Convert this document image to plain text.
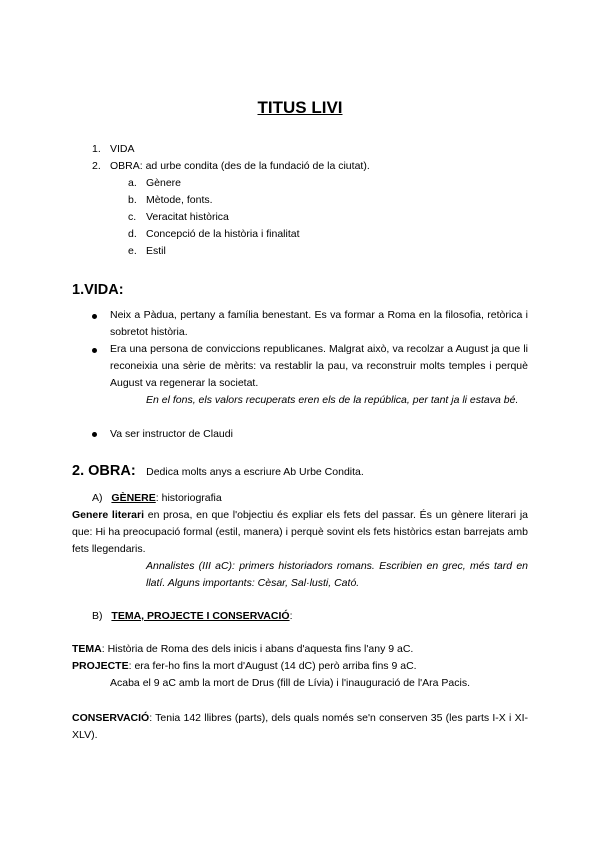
TITUS LIVI
1. VIDA
2. OBRA: ad urbe condita (des de la fundació de la ciutat).
a. Gènere
b. Mètode, fonts.
c. Veracitat històrica
d. Concepció de la història i finalitat
e. Estil
1.VIDA:
Neix a Pàdua, pertany a família benestant. Es va formar a Roma en la filosofia, retòrica i sobretot història.
Era una persona de conviccions republicanes. Malgrat això, va recolzar a August ja que li reconeixia una sèrie de mèrits: va restablir la pau, va reconstruir molts temples i perquè August va regenerar la societat.
En el fons, els valors recuperats eren els de la república, per tant ja li estava bé.
Va ser instructor de Claudi
2. OBRA: Dedica molts anys a escriure Ab Urbe Condita.
A) GÈNERE: historiografia
Genere literari en prosa, en que l'objectiu és expliar els fets del passar. És un gènere literari ja que: Hi ha preocupació formal (estil, manera) i perquè sovint els fets històrics estan barrejats amb fets llegendaris.
Annalistes (III aC): primers historiadors romans. Escribien en grec, més tard en llatí. Alguns importants: Cèsar, Sal·lusti, Cató.
B) TEMA, PROJECTE I CONSERVACIÓ:
TEMA: Història de Roma des dels inicis i abans d'aquesta fins l'any 9 aC.
PROJECTE: era fer-ho fins la mort d'August (14 dC) però arriba fins 9 aC.
Acaba el 9 aC amb la mort de Drus (fill de Lívia) i l'inauguració de l'Ara Pacis.
CONSERVACIÓ: Tenia 142 llibres (parts), dels quals només se'n conserven 35 (les parts I-X i XI-XLV).
